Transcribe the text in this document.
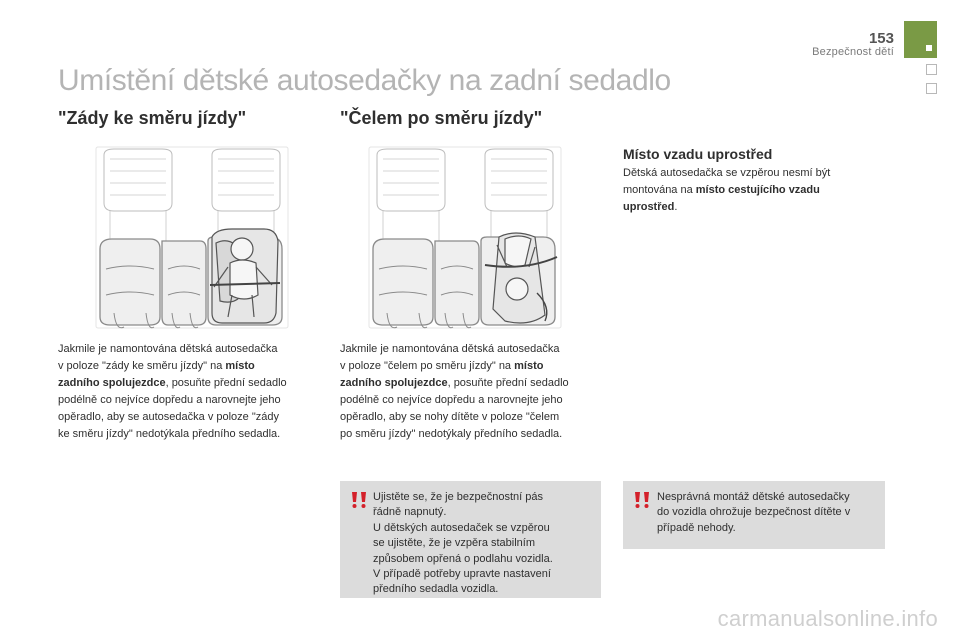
153
Bezpečnost dětí
Umístění dětské autosedačky na zadní sedadlo
"Zády ke směru jízdy"	"Čelem po směru jízdy"
Místo vzadu uprostřed
Jakmile je namontována dětská autosedačka
v poloze "zády ke směru jízdy" na místo
zadního spolujezdce, posuňte přední sedadlo
podélně co nejvíce dopředu a narovnejte jeho
opěradlo, aby se autosedačka v poloze "zády
ke směru jízdy" nedotýkala předního sedadla.
Jakmile je namontována dětská autosedačka
v poloze "čelem po směru jízdy" na místo
zadního spolujezdce, posuňte přední sedadlo
podélně co nejvíce dopředu a narovnejte jeho
opěradlo, aby se nohy dítěte v poloze "čelem
po směru jízdy" nedotýkaly předního sedadla.
Dětská autosedačka se vzpěrou nesmí být
montována na místo cestujícího vzadu
uprostřed.
Ujistěte se, že je bezpečnostní pás
řádně napnutý.
U dětských autosedaček se vzpěrou
se ujistěte, že je vzpěra stabilním
způsobem opřená o podlahu vozidla.
V případě potřeby upravte nastavení
předního sedadla vozidla.
Nesprávná montáž dětské autosedačky
do vozidla ohrožuje bezpečnost dítěte v
případě nehody.
carmanualsonline.info
